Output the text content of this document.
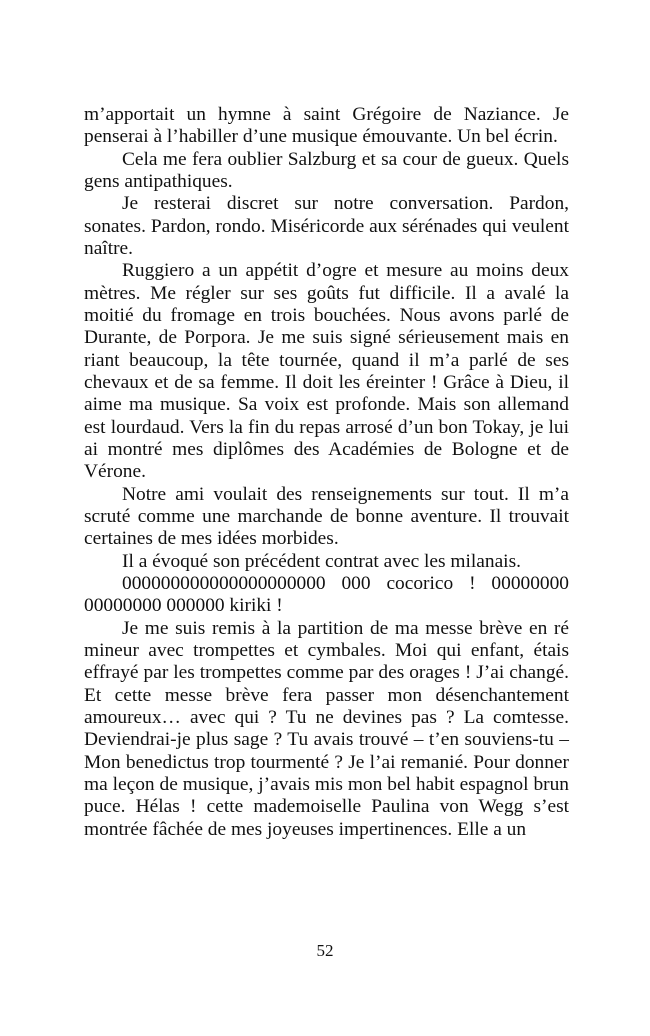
m’apportait un hymne à saint Grégoire de Naziance. Je penserai à l’habiller d’une musique émouvante. Un bel écrin.

Cela me fera oublier Salzburg et sa cour de gueux. Quels gens antipathiques.

Je resterai discret sur notre conversation. Pardon, sonates. Pardon, rondo. Miséricorde aux sérénades qui veulent naître.

Ruggiero a un appétit d’ogre et mesure au moins deux mètres. Me régler sur ses goûts fut difficile. Il a avalé la moitié du fromage en trois bouchées. Nous avons parlé de Durante, de Porpora. Je me suis signé sérieusement mais en riant beaucoup, la tête tournée, quand il m’a parlé de ses chevaux et de sa femme. Il doit les éreinter ! Grâce à Dieu, il aime ma musique. Sa voix est profonde. Mais son allemand est lourdaud. Vers la fin du repas arrosé d’un bon Tokay, je lui ai montré mes diplômes des Académies de Bologne et de Vérone.

Notre ami voulait des renseignements sur tout. Il m’a scruté comme une marchande de bonne aventure. Il trouvait certaines de mes idées morbides.

Il a évoqué son précédent contrat avec les milanais.

000000000000000000000 000 cocorico ! 00000000 00000000 000000 kiriki !

Je me suis remis à la partition de ma messe brève en ré mineur avec trompettes et cymbales. Moi qui enfant, étais effrayé par les trompettes comme par des orages ! J’ai changé. Et cette messe brève fera passer mon désenchantement amoureux… avec qui ? Tu ne devines pas ? La comtesse. Deviendrai-je plus sage ? Tu avais trouvé – t’en souviens-tu – Mon benedictus trop tourmenté ? Je l’ai remanié. Pour donner ma leçon de musique, j’avais mis mon bel habit espagnol brun puce. Hélas ! cette mademoiselle Paulina von Wegg s’est montrée fâchée de mes joyeuses impertinences. Elle a un

52
